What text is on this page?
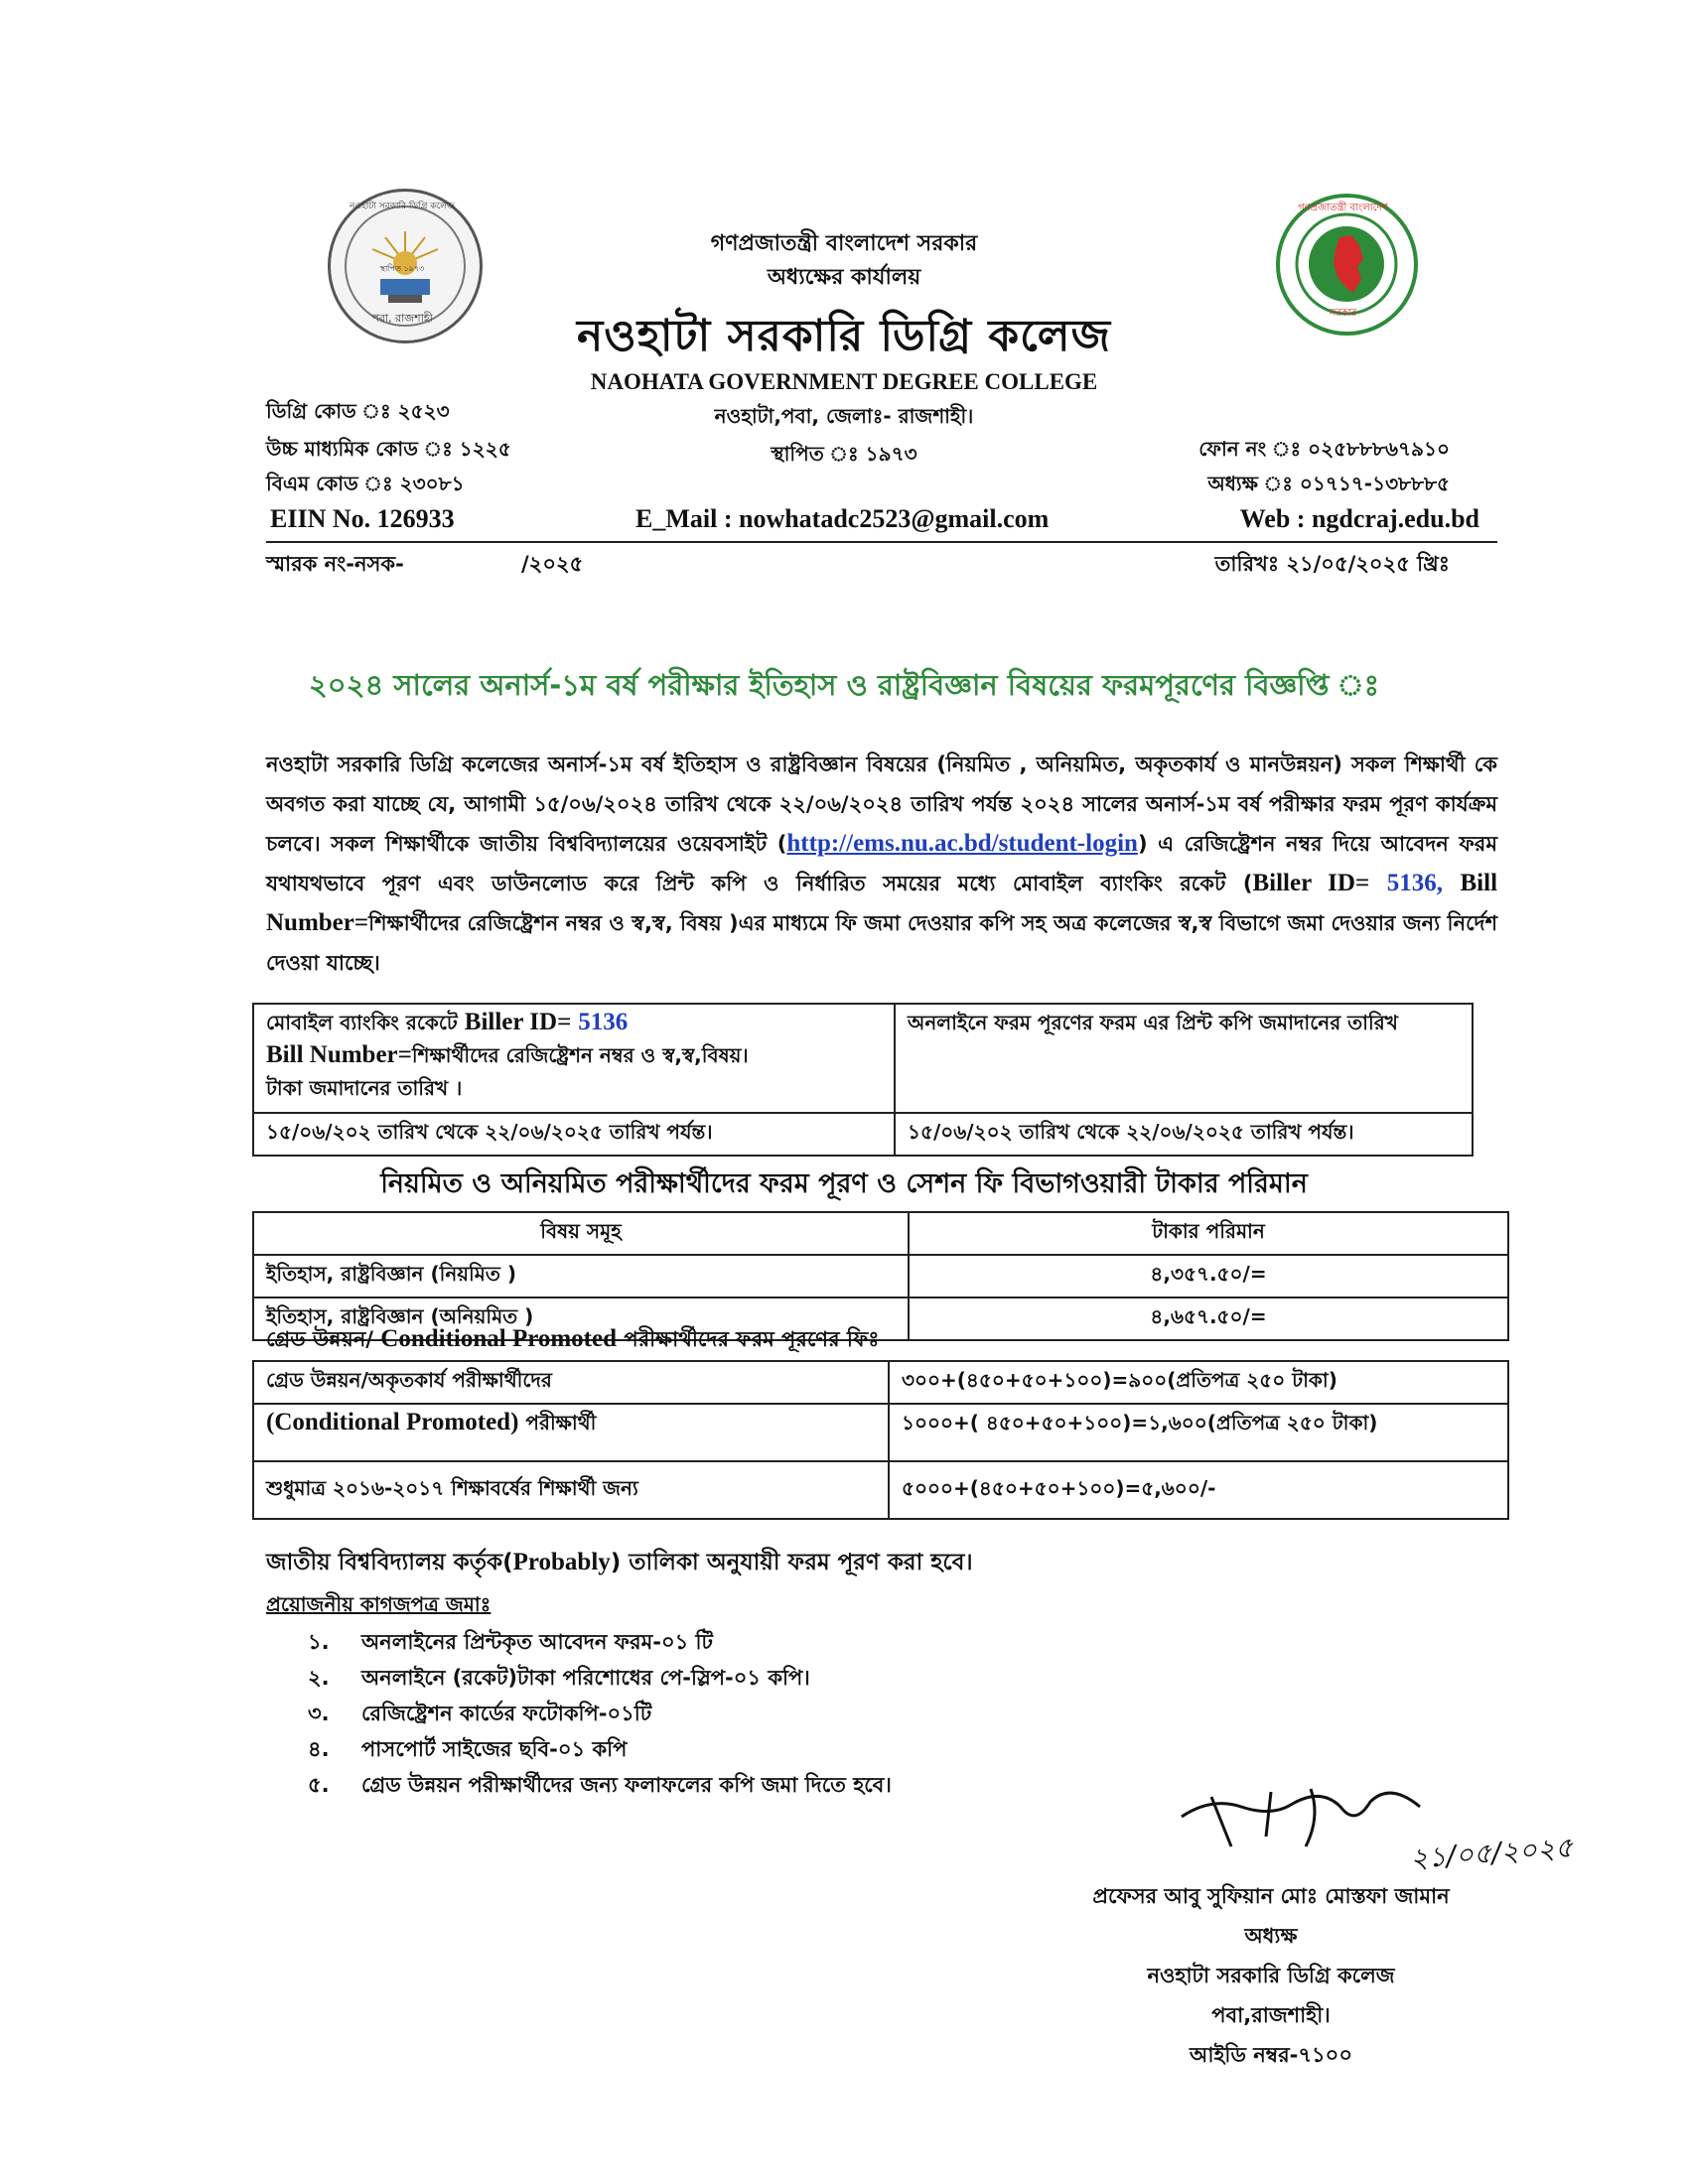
নওহাটা সরকারি ডিগ্রি কলেজ
স্থাপিত ১৯৭৩
পবা, রাজশাহী
গণপ্রজাতন্ত্রী বাংলাদেশ
সরকার
গণপ্রজাতন্ত্রী বাংলাদেশ সরকার
অধ্যক্ষের কার্যালয়
নওহাটা সরকারি ডিগ্রি কলেজ
NAOHATA GOVERNMENT DEGREE COLLEGE
নওহাটা,পবা, জেলাঃ- রাজশাহী।
স্থাপিত ঃ ১৯৭৩
ডিগ্রি কোড ঃ ২৫২৩
উচ্চ মাধ্যমিক কোড ঃ ১২২৫
বিএম কোড ঃ ২৩০৮১
ফোন নং ঃ ০২৫৮৮৮৬৭৯১০
অধ্যক্ষ ঃ ০১৭১৭-১৩৮৮৮৫
EIIN No. 126933	E_Mail : nowhatadc2523@gmail.com	Web : ngdcraj.edu.bd
স্মারক নং-নসক-	/২০২৫	তারিখঃ ২১/০৫/২০২৫ খ্রিঃ
২০২৪ সালের অনার্স-১ম বর্ষ পরীক্ষার ইতিহাস ও রাষ্ট্রবিজ্ঞান বিষয়ের ফরমপূরণের বিজ্ঞপ্তি ঃ
নওহাটা সরকারি ডিগ্রি কলেজের অনার্স-১ম বর্ষ ইতিহাস ও রাষ্ট্রবিজ্ঞান বিষয়ের (নিয়মিত , অনিয়মিত, অকৃতকার্য ও মানউন্নয়ন) সকল শিক্ষার্থী কে অবগত করা যাচ্ছে যে, আগামী ১৫/০৬/২০২৪ তারিখ থেকে ২২/০৬/২০২৪ তারিখ পর্যন্ত ২০২৪ সালের অনার্স-১ম বর্ষ পরীক্ষার ফরম পূরণ কার্যক্রম চলবে। সকল শিক্ষার্থীকে জাতীয় বিশ্ববিদ্যালয়ের ওয়েবসাইট (http://ems.nu.ac.bd/student-login) এ রেজিষ্ট্রেশন নম্বর দিয়ে আবেদন ফরম যথাযথভাবে পূরণ এবং ডাউনলোড করে প্রিন্ট কপি ও নির্ধারিত সময়ের মধ্যে মোবাইল ব্যাংকিং রকেট (Biller ID= 5136, Bill Number=শিক্ষার্থীদের রেজিষ্ট্রেশন নম্বর ও স্ব,স্ব, বিষয় )এর মাধ্যমে ফি জমা দেওয়ার কপি সহ অত্র কলেজের স্ব,স্ব বিভাগে জমা দেওয়ার জন্য নির্দেশ দেওয়া যাচ্ছে।
মোবাইল ব্যাংকিং রকেটে Biller ID= 5136
Bill Number=শিক্ষার্থীদের রেজিষ্ট্রেশন নম্বর ও স্ব,স্ব,বিষয়।
টাকা জমাদানের তারিখ ।	অনলাইনে ফরম পূরণের ফরম এর প্রিন্ট কপি জমাদানের তারিখ
১৫/০৬/২০২ তারিখ থেকে ২২/০৬/২০২৫ তারিখ পর্যন্ত।	১৫/০৬/২০২ তারিখ থেকে ২২/০৬/২০২৫ তারিখ পর্যন্ত।
নিয়মিত ও অনিয়মিত পরীক্ষার্থীদের ফরম পূরণ ও সেশন ফি বিভাগওয়ারী টাকার পরিমান
বিষয় সমূহ	টাকার পরিমান
ইতিহাস, রাষ্ট্রবিজ্ঞান (নিয়মিত )	৪,৩৫৭.৫০/=
ইতিহাস, রাষ্ট্রবিজ্ঞান (অনিয়মিত )	৪,৬৫৭.৫০/=
গ্রেড উন্নয়ন/ Conditional Promoted পরীক্ষার্থীদের ফরম পূরণের ফিঃ
গ্রেড উন্নয়ন/অকৃতকার্য পরীক্ষার্থীদের	৩০০+(৪৫০+৫০+১০০)=৯০০(প্রতিপত্র ২৫০ টাকা)
(Conditional Promoted) পরীক্ষার্থী	১০০০+( ৪৫০+৫০+১০০)=১,৬০০(প্রতিপত্র ২৫০ টাকা)
শুধুমাত্র ২০১৬-২০১৭ শিক্ষাবর্ষের শিক্ষার্থী জন্য	৫০০০+(৪৫০+৫০+১০০)=৫,৬০০/-
জাতীয় বিশ্ববিদ্যালয় কর্তৃক(Probably) তালিকা অনুযায়ী ফরম পূরণ করা হবে।
প্রয়োজনীয় কাগজপত্র জমাঃ
১. অনলাইনের প্রিন্টকৃত আবেদন ফরম-০১ টি
২. অনলাইনে (রকেট)টাকা পরিশোধের পে-স্লিপ-০১ কপি।
৩. রেজিষ্ট্রেশন কার্ডের ফটোকপি-০১টি
৪. পাসপোর্ট সাইজের ছবি-০১ কপি
৫. গ্রেড উন্নয়ন পরীক্ষার্থীদের জন্য ফলাফলের কপি জমা দিতে হবে।
২১/০৫/২০২৫
প্রফেসর আবু সুফিয়ান মোঃ মোস্তফা জামান
অধ্যক্ষ
নওহাটা সরকারি ডিগ্রি কলেজ
পবা,রাজশাহী।
আইডি নম্বর-৭১০০
